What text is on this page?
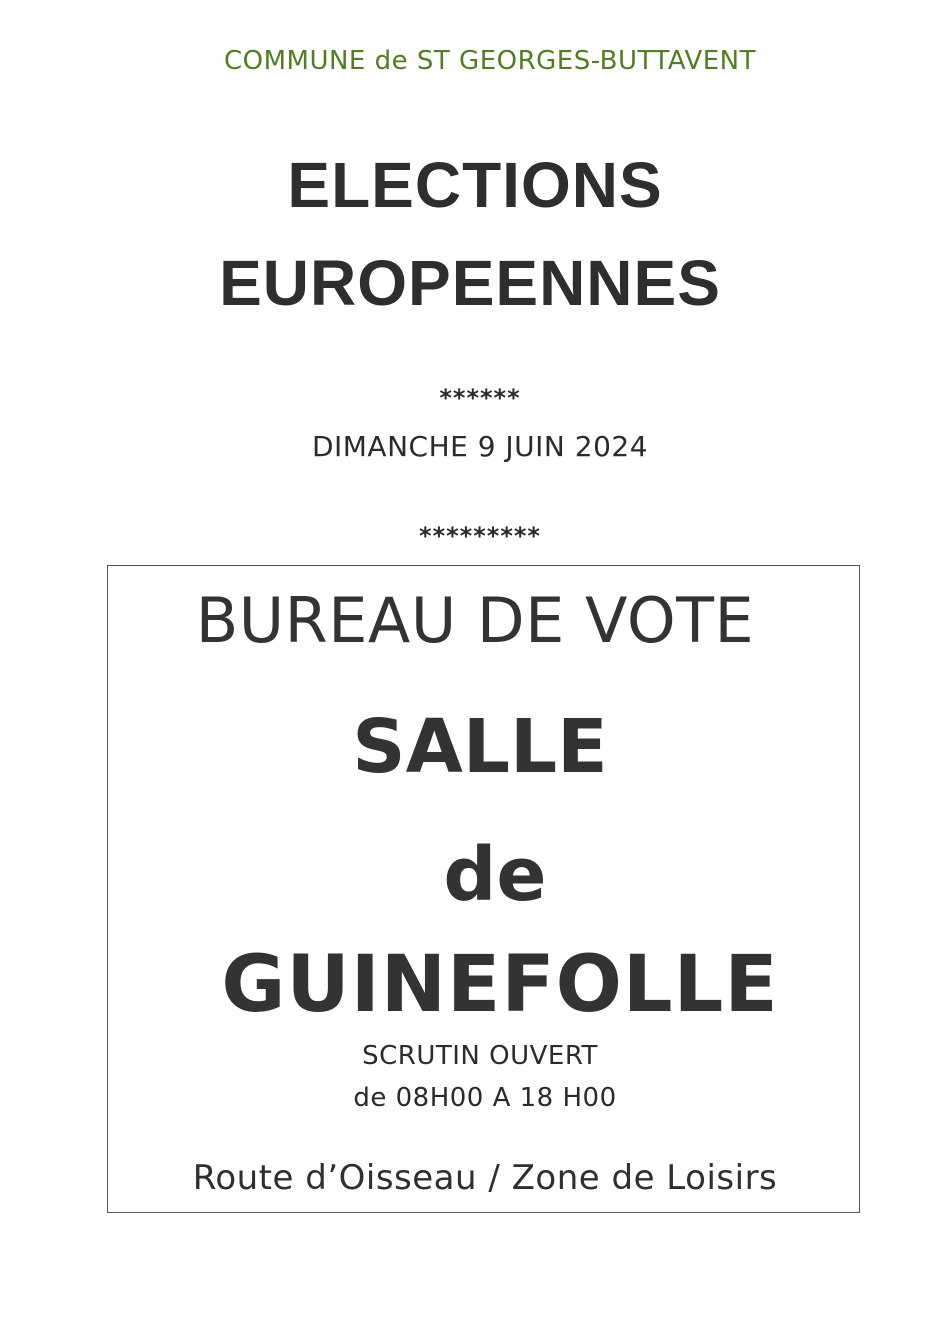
COMMUNE de ST GEORGES-BUTTAVENT
ELECTIONS
EUROPEENNES
******
DIMANCHE 9 JUIN 2024
*********
BUREAU DE VOTE
SALLE
de
GUINEFOLLE
SCRUTIN OUVERT
de 08H00 A 18 H00
Route d’Oisseau / Zone de Loisirs
